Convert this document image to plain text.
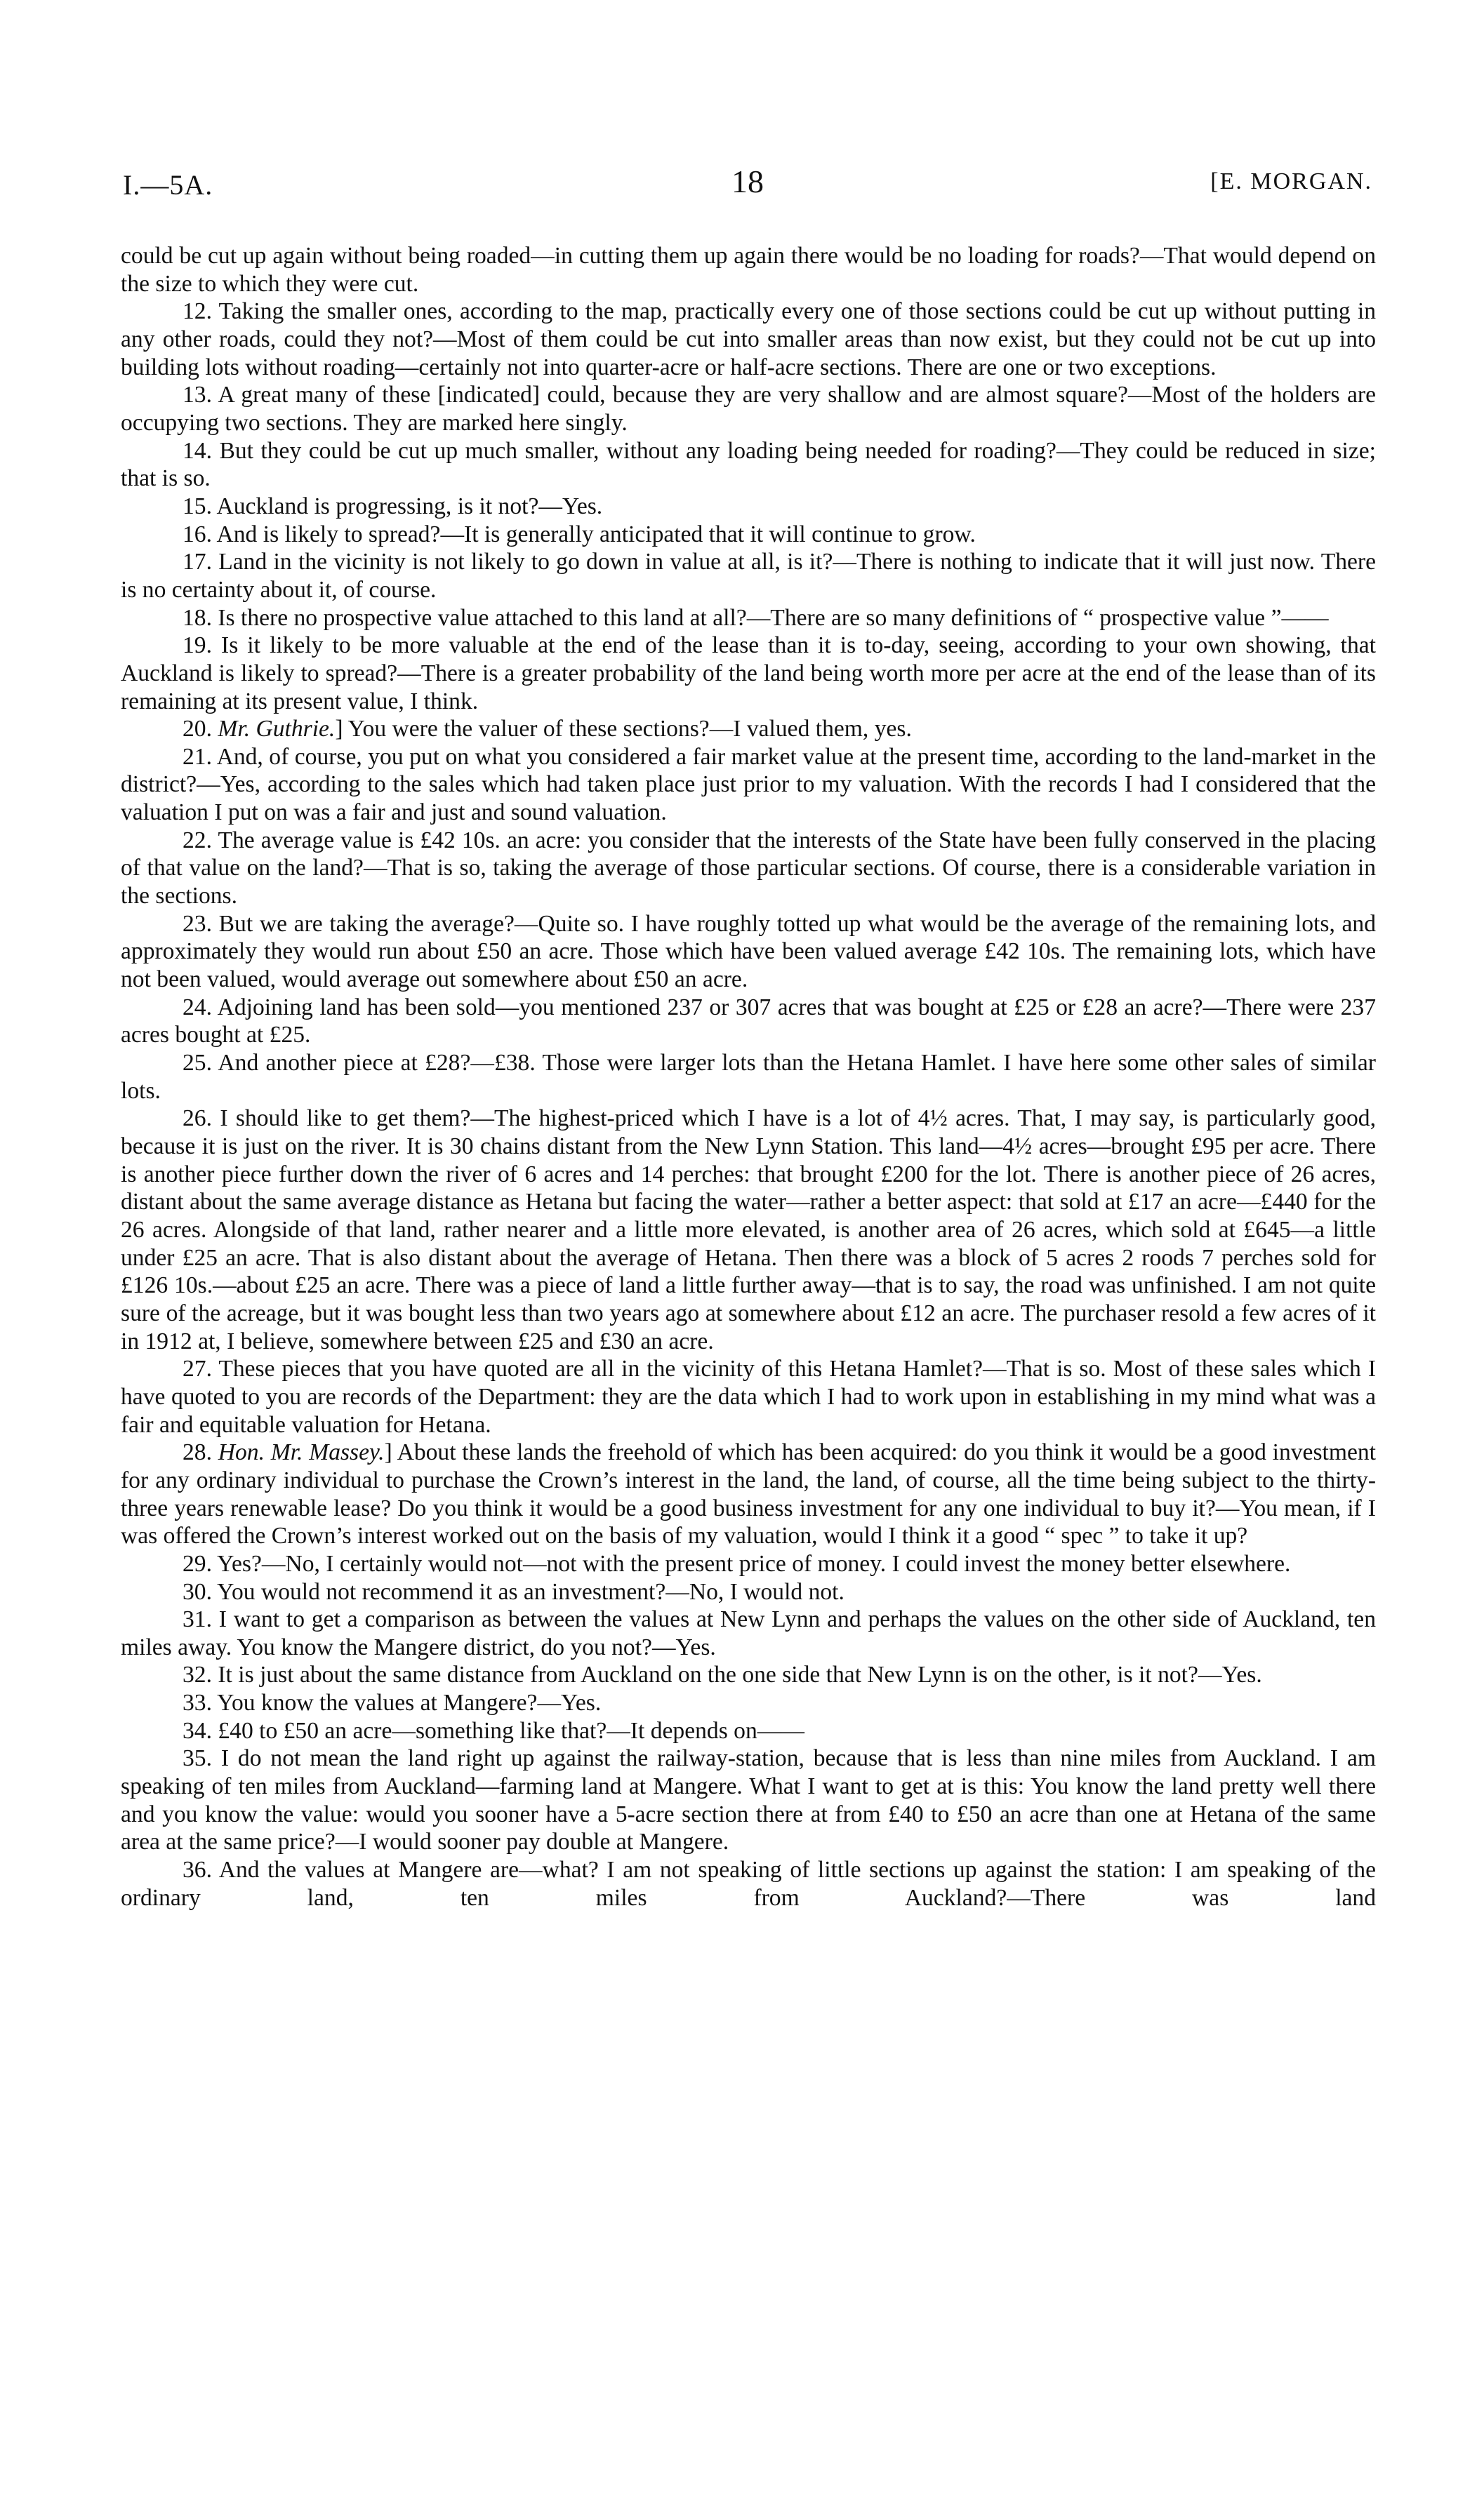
I.—5A.	18	[E. MORGAN.

could be cut up again without being roaded—in cutting them up again there would be no loading for roads?—That would depend on the size to which they were cut.

12. Taking the smaller ones, according to the map, practically every one of those sections could be cut up without putting in any other roads, could they not?—Most of them could be cut into smaller areas than now exist, but they could not be cut up into building lots without roading—certainly not into quarter-acre or half-acre sections. There are one or two exceptions.

13. A great many of these [indicated] could, because they are very shallow and are almost square?—Most of the holders are occupying two sections. They are marked here singly.

14. But they could be cut up much smaller, without any loading being needed for roading?—They could be reduced in size; that is so.

15. Auckland is progressing, is it not?—Yes.

16. And is likely to spread?—It is generally anticipated that it will continue to grow.

17. Land in the vicinity is not likely to go down in value at all, is it?—There is nothing to indicate that it will just now. There is no certainty about it, of course.

18. Is there no prospective value attached to this land at all?—There are so many definitions of “ prospective value ”——

19. Is it likely to be more valuable at the end of the lease than it is to-day, seeing, according to your own showing, that Auckland is likely to spread?—There is a greater probability of the land being worth more per acre at the end of the lease than of its remaining at its present value, I think.

20. Mr. Guthrie.] You were the valuer of these sections?—I valued them, yes.

21. And, of course, you put on what you considered a fair market value at the present time, according to the land-market in the district?—Yes, according to the sales which had taken place just prior to my valuation. With the records I had I considered that the valuation I put on was a fair and just and sound valuation.

22. The average value is £42 10s. an acre: you consider that the interests of the State have been fully conserved in the placing of that value on the land?—That is so, taking the average of those particular sections. Of course, there is a considerable variation in the sections.

23. But we are taking the average?—Quite so. I have roughly totted up what would be the average of the remaining lots, and approximately they would run about £50 an acre. Those which have been valued average £42 10s. The remaining lots, which have not been valued, would average out somewhere about £50 an acre.

24. Adjoining land has been sold—you mentioned 237 or 307 acres that was bought at £25 or £28 an acre?—There were 237 acres bought at £25.

25. And another piece at £28?—£38. Those were larger lots than the Hetana Hamlet. I have here some other sales of similar lots.

26. I should like to get them?—The highest-priced which I have is a lot of 4½ acres. That, I may say, is particularly good, because it is just on the river. It is 30 chains distant from the New Lynn Station. This land—4½ acres—brought £95 per acre. There is another piece further down the river of 6 acres and 14 perches: that brought £200 for the lot. There is another piece of 26 acres, distant about the same average distance as Hetana but facing the water—rather a better aspect: that sold at £17 an acre—£440 for the 26 acres. Alongside of that land, rather nearer and a little more elevated, is another area of 26 acres, which sold at £645—a little under £25 an acre. That is also distant about the average of Hetana. Then there was a block of 5 acres 2 roods 7 perches sold for £126 10s.—about £25 an acre. There was a piece of land a little further away—that is to say, the road was unfinished. I am not quite sure of the acreage, but it was bought less than two years ago at somewhere about £12 an acre. The purchaser resold a few acres of it in 1912 at, I believe, somewhere between £25 and £30 an acre.

27. These pieces that you have quoted are all in the vicinity of this Hetana Hamlet?—That is so. Most of these sales which I have quoted to you are records of the Department: they are the data which I had to work upon in establishing in my mind what was a fair and equitable valuation for Hetana.

28. Hon. Mr. Massey.] About these lands the freehold of which has been acquired: do you think it would be a good investment for any ordinary individual to purchase the Crown’s interest in the land, the land, of course, all the time being subject to the thirty-three years renewable lease? Do you think it would be a good business investment for any one individual to buy it?—You mean, if I was offered the Crown’s interest worked out on the basis of my valuation, would I think it a good “ spec ” to take it up?

29. Yes?—No, I certainly would not—not with the present price of money. I could invest the money better elsewhere.

30. You would not recommend it as an investment?—No, I would not.

31. I want to get a comparison as between the values at New Lynn and perhaps the values on the other side of Auckland, ten miles away. You know the Mangere district, do you not?—Yes.

32. It is just about the same distance from Auckland on the one side that New Lynn is on the other, is it not?—Yes.

33. You know the values at Mangere?—Yes.

34. £40 to £50 an acre—something like that?—It depends on——

35. I do not mean the land right up against the railway-station, because that is less than nine miles from Auckland. I am speaking of ten miles from Auckland—farming land at Mangere. What I want to get at is this: You know the land pretty well there and you know the value: would you sooner have a 5-acre section there at from £40 to £50 an acre than one at Hetana of the same area at the same price?—I would sooner pay double at Mangere.

36. And the values at Mangere are—what? I am not speaking of little sections up against the station: I am speaking of the ordinary land, ten miles from Auckland?—There was land
